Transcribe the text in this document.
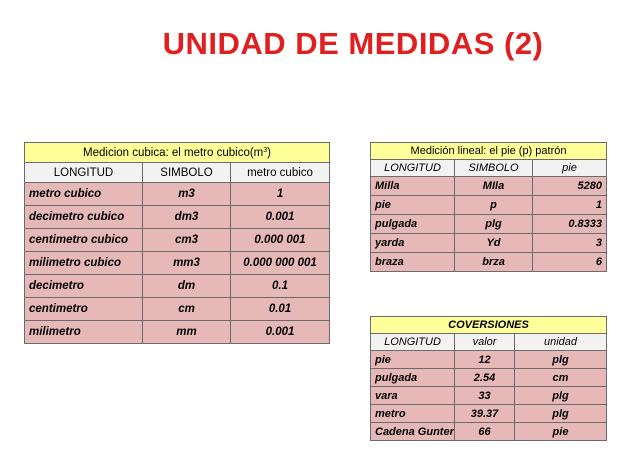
UNIDAD DE MEDIDAS (2)
Medicion cubica: el metro $cubico(m^3)$		
LONGITUD	SIMBOLO	metro cubico
metro cubico	m3	1
decimetro cubico	dm3	0.001
centimetro cubico	cm3	0.000 001
milimetro cubico	mm3	0.000 000 001
decimetro	dm	0.1
centimetro	cm	0.01
milimetro	mm	0.001
Medición lineal: el pie (p) patrón		
LONGITUD	SIMBOLO	pie
Milla	MIla	5280
pie	p	1
pulgada	plg	0.8333
yarda	Yd	3
braza	brza	6
COVERSIONES		
LONGITUD	valor	unidad
pie	12	plg
pulgada	2.54	cm
vara	33	plg
metro	39.37	plg
Cadena Gunter	66	pie
